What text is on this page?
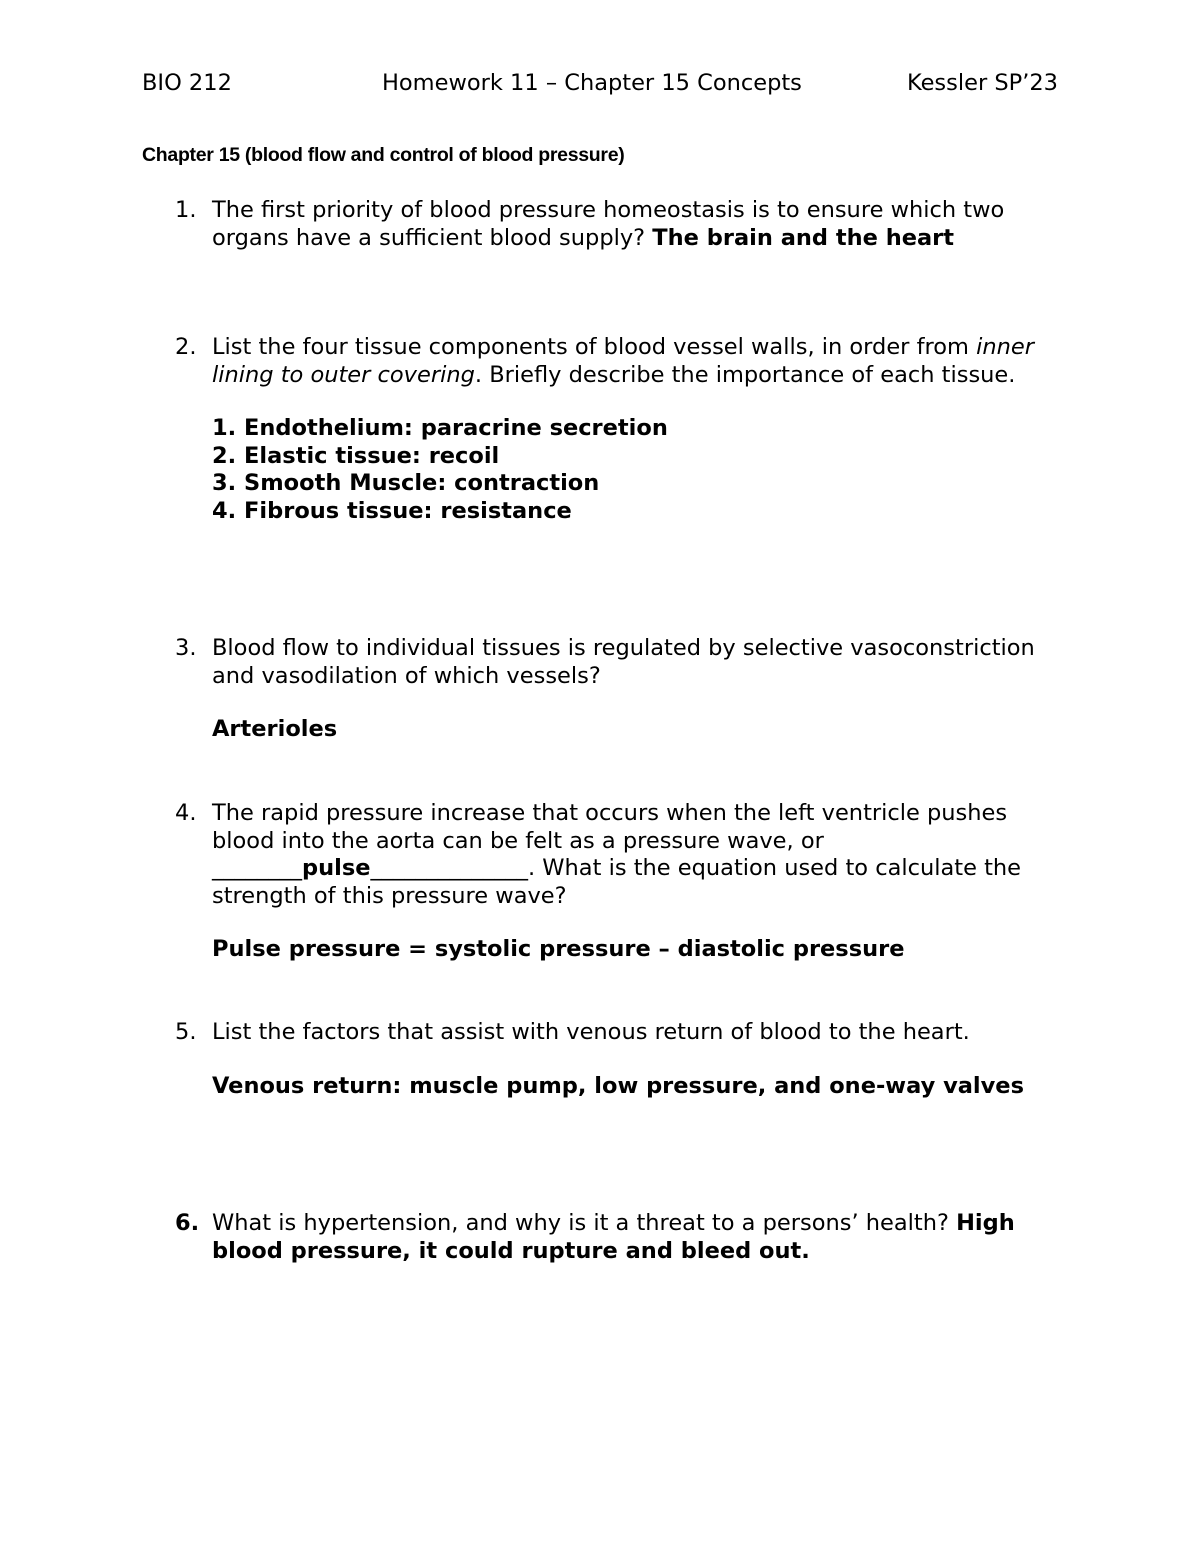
BIO 212	Homework 11 – Chapter 15 Concepts	Kessler SP’23
Chapter 15 (blood flow and control of blood pressure)
1. The first priority of blood pressure homeostasis is to ensure which two organs have a sufficient blood supply? The brain and the heart

2. List the four tissue components of blood vessel walls, in order from inner lining to outer covering. Briefly describe the importance of each tissue.

1. Endothelium: paracrine secretion

2. Elastic tissue: recoil

3. Smooth Muscle: contraction

4. Fibrous tissue: resistance

3. Blood flow to individual tissues is regulated by selective vasoconstriction and vasodilation of which vessels?

Arterioles

4. The rapid pressure increase that occurs when the left ventricle pushes blood into the aorta can be felt as a pressure wave, or ________pulse______________. What is the equation used to calculate the strength of this pressure wave?

Pulse pressure = systolic pressure – diastolic pressure

5. List the factors that assist with venous return of blood to the heart.

Venous return: muscle pump, low pressure, and one-way valves

6. What is hypertension, and why is it a threat to a persons’ health? High blood pressure, it could rupture and bleed out.
